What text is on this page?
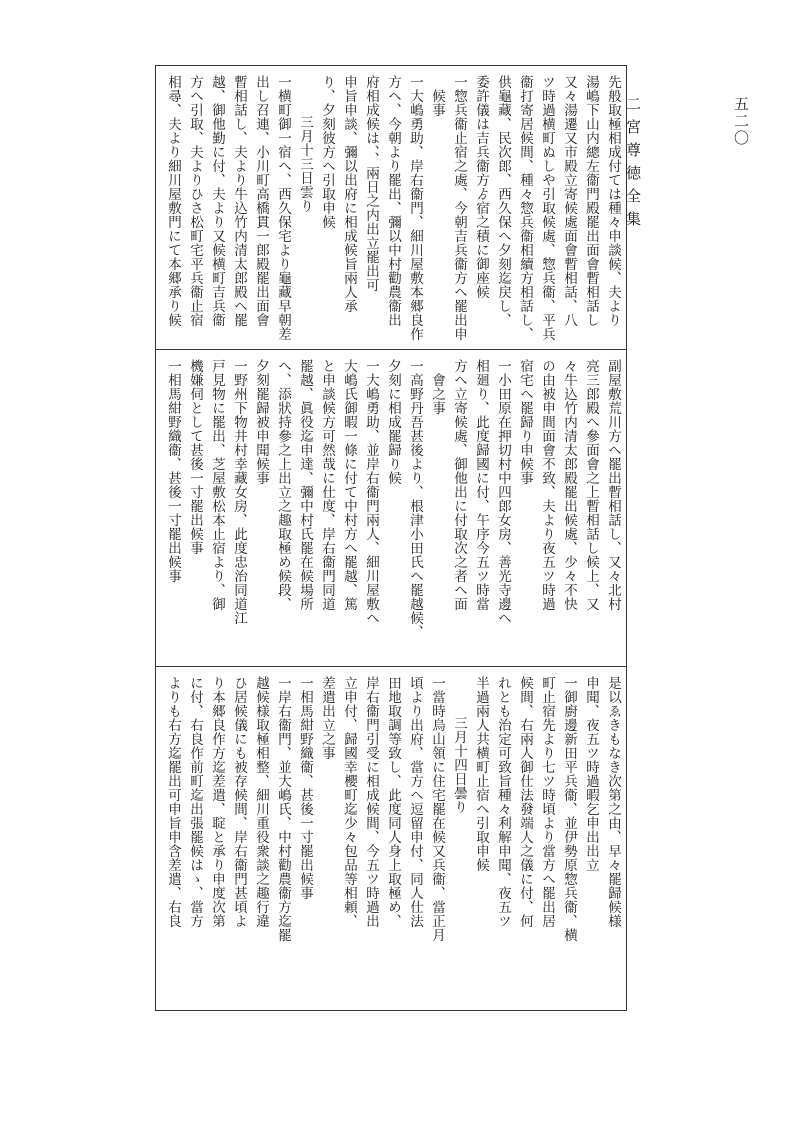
二宮尊徳全集	五二〇
先般取極相成付ては種々申談候、夫より
湯嶋下山内總左衞門殿罷出面會暫相話し
又々湯遷又市殿立寄候處面會暫相話、八
ツ時過横町ぬしや引取候處、惣兵衞、平兵
衞打寄居候間、種々惣兵衞相續方相話し、
供龜藏、民次郎、西久保へ夕刻迄戻し、
委許儀は吉兵衞方ゟ宿之積に御座候
一 惣兵衞止宿之處、今朝吉兵衞方へ罷出申
候事
一 大嶋勇助、岸右衞門、細川屋敷本郷良作
方へ、今朝より罷出、彌以中村勸農衞出
府相成候は、、兩日之内出立罷出可
申旨申談、彌以出府に相成候旨兩人承
り、夕刻彼方へ引取申候
三月十三日雲り
一 横町御一宿へ、西久保宅より龜藏早朝差
出し召連、小川町高橋貫一郎殿罷出面會
暫相話し、夫より牛込竹内清太郎殿へ罷
越、御他勤に付、夫より又候横町吉兵衞
方へ引取、夫よりひさ松町宅平兵衞止宿
相尋、夫より細川屋敷門にて本郷承り候
副屋敷荒川方へ罷出暫相話し、又々北村
亮三郎殿へ參面會之上暫相話し候上、又
々牛込竹内清太郎殿罷出候處、少々不快
の由被申間面會不致、夫より夜五ツ時過
宿宅へ罷歸り申候事
一 小田原在押切村中四郎女房、善光寺邊へ
相廻り、此度歸國に付、午序今五ツ時當
方へ立寄候處、御他出に付取次之者へ面
會之事
一 高野丹吾甚後より、根津小田氏へ罷越候、
夕刻に相成罷歸り候
一 大嶋勇助、並岸右衞門兩人、細川屋敷へ
大嶋氏御暇一條に付て中村方へ罷越、篤
と申談候方可然哉に仕度、岸右衞門同道
罷越、眞役迄申達、彌中村氏罷在候場所
へ、添狀持參之上出立之趣取極め候段、
夕刻罷歸被申聞候事
一 野州下物井村幸藏女房、此度忠治同道江
戸見物に罷出、芝屋敷松本止宿より、御
機嫌伺として甚後一寸罷出候事
一 相馬紺野織衞、甚後一寸罷出候事
一
是以ゑきもなき次第之由、早々罷歸候様
申聞、夜五ツ時過暇乞申出出立
一 御廚邊新田平兵衞、並伊勢原惣兵衞、横
町止宿先より七ツ時頃より當方へ罷出居
候間、右兩人御仕法發端人之儀に付、何
れとも治定可致旨種々利解申聞、夜五ツ
半過兩人共横町止宿へ引取申候
三月十四日曇り
一 當時烏山領に住宅罷在候又兵衞、當正月
頃より出府、當方へ逗留申付、同人仕法
田地取調等致し、此度同人身上取極め、
岸右衞門引受に相成候間、今五ツ時過出
立申付、歸國幸櫻町迄少々包品等相頼、
差遣出立之事
一 相馬紺野織衞、甚後一寸罷出候事
一 岸右衞門、並大嶋氏、中村勸農衞方迄罷
越候様取極相整、細川重役衆談之趣行違
ひ居候儀にも被存候間、岸右衞門甚頃よ
り本郷良作方迄差遣、聢と承り申度次第
に付、右良作前町迄出張罷候はゝ、當方
よりも右方迄罷出可申旨申含差遣、右良
